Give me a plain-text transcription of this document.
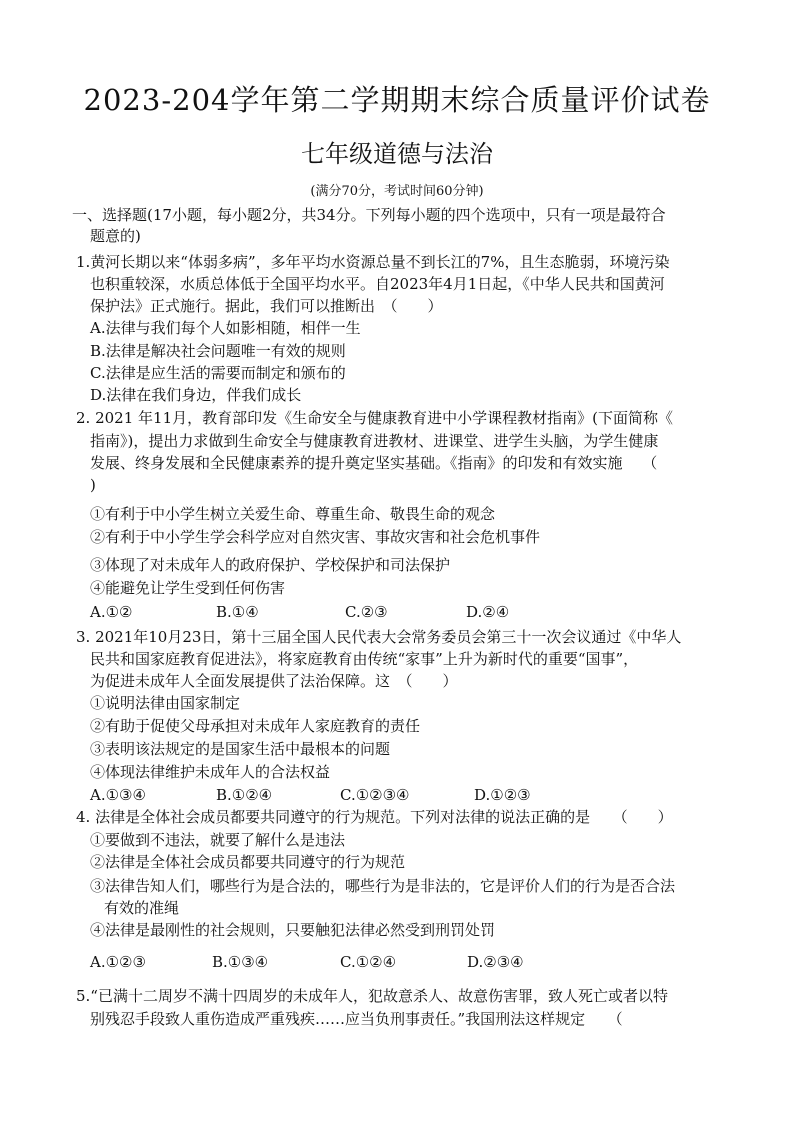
2023-204学年第二学期期末综合质量评价试卷
七年级道德与法治
(满分70分，考试时间60分钟)
一、选择题(17小题，每小题2分，共34分。下列每小题的四个选项中，只有一项是最符合
题意的)
1.黄河长期以来“体弱多病”，多年平均水资源总量不到长江的7%，且生态脆弱，环境污染
也积重较深，水质总体低于全国平均水平。自2023年4月1日起，《中华人民共和国黄河
保护法》正式施行。据此，我们可以推断出　（　　）
A.法律与我们每个人如影相随，相伴一生
B.法律是解决社会问题唯一有效的规则
C.法律是应生活的需要而制定和颁布的
D.法律在我们身边，伴我们成长
2. 2021 年11月，教育部印发《生命安全与健康教育进中小学课程教材指南》(下面简称《
指南》)，提出力求做到生命安全与健康教育进教材、进课堂、进学生头脑，为学生健康
发展、终身发展和全民健康素养的提升奠定坚实基础。《指南》的印发和有效实施　 （
)
①有利于中小学生树立关爱生命、尊重生命、敬畏生命的观念
②有利于中小学生学会科学应对自然灾害、事故灾害和社会危机事件
③体现了对未成年人的政府保护、学校保护和司法保护
④能避免让学生受到任何伤害
A.①②	B.①④	C.②③	D.②④
3. 2021年10月23日，第十三届全国人民代表大会常务委员会第三十一次会议通过《中华人
民共和国家庭教育促进法》，将家庭教育由传统“家事”上升为新时代的重要“国事”，
为促进未成年人全面发展提供了法治保障。这　（　　）
①说明法律由国家制定
②有助于促使父母承担对未成年人家庭教育的责任
③表明该法规定的是国家生活中最根本的问题
④体现法律维护未成年人的合法权益
A.①③④	B.①②④	C.①②③④	D.①②③
4. 法律是全体社会成员都要共同遵守的行为规范。下列对法律的说法正确的是　　（　　）
①要做到不违法，就要了解什么是违法
②法律是全体社会成员都要共同遵守的行为规范
③法律告知人们，哪些行为是合法的，哪些行为是非法的，它是评价人们的行为是否合法
有效的准绳
④法律是最刚性的社会规则，只要触犯法律必然受到刑罚处罚
A.①②③	B.①③④	C.①②④	D.②③④
5.“已满十二周岁不满十四周岁的未成年人，犯故意杀人、故意伤害罪，致人死亡或者以特
别残忍手段致人重伤造成严重残疾……应当负刑事责任。”我国刑法这样规定　　（
